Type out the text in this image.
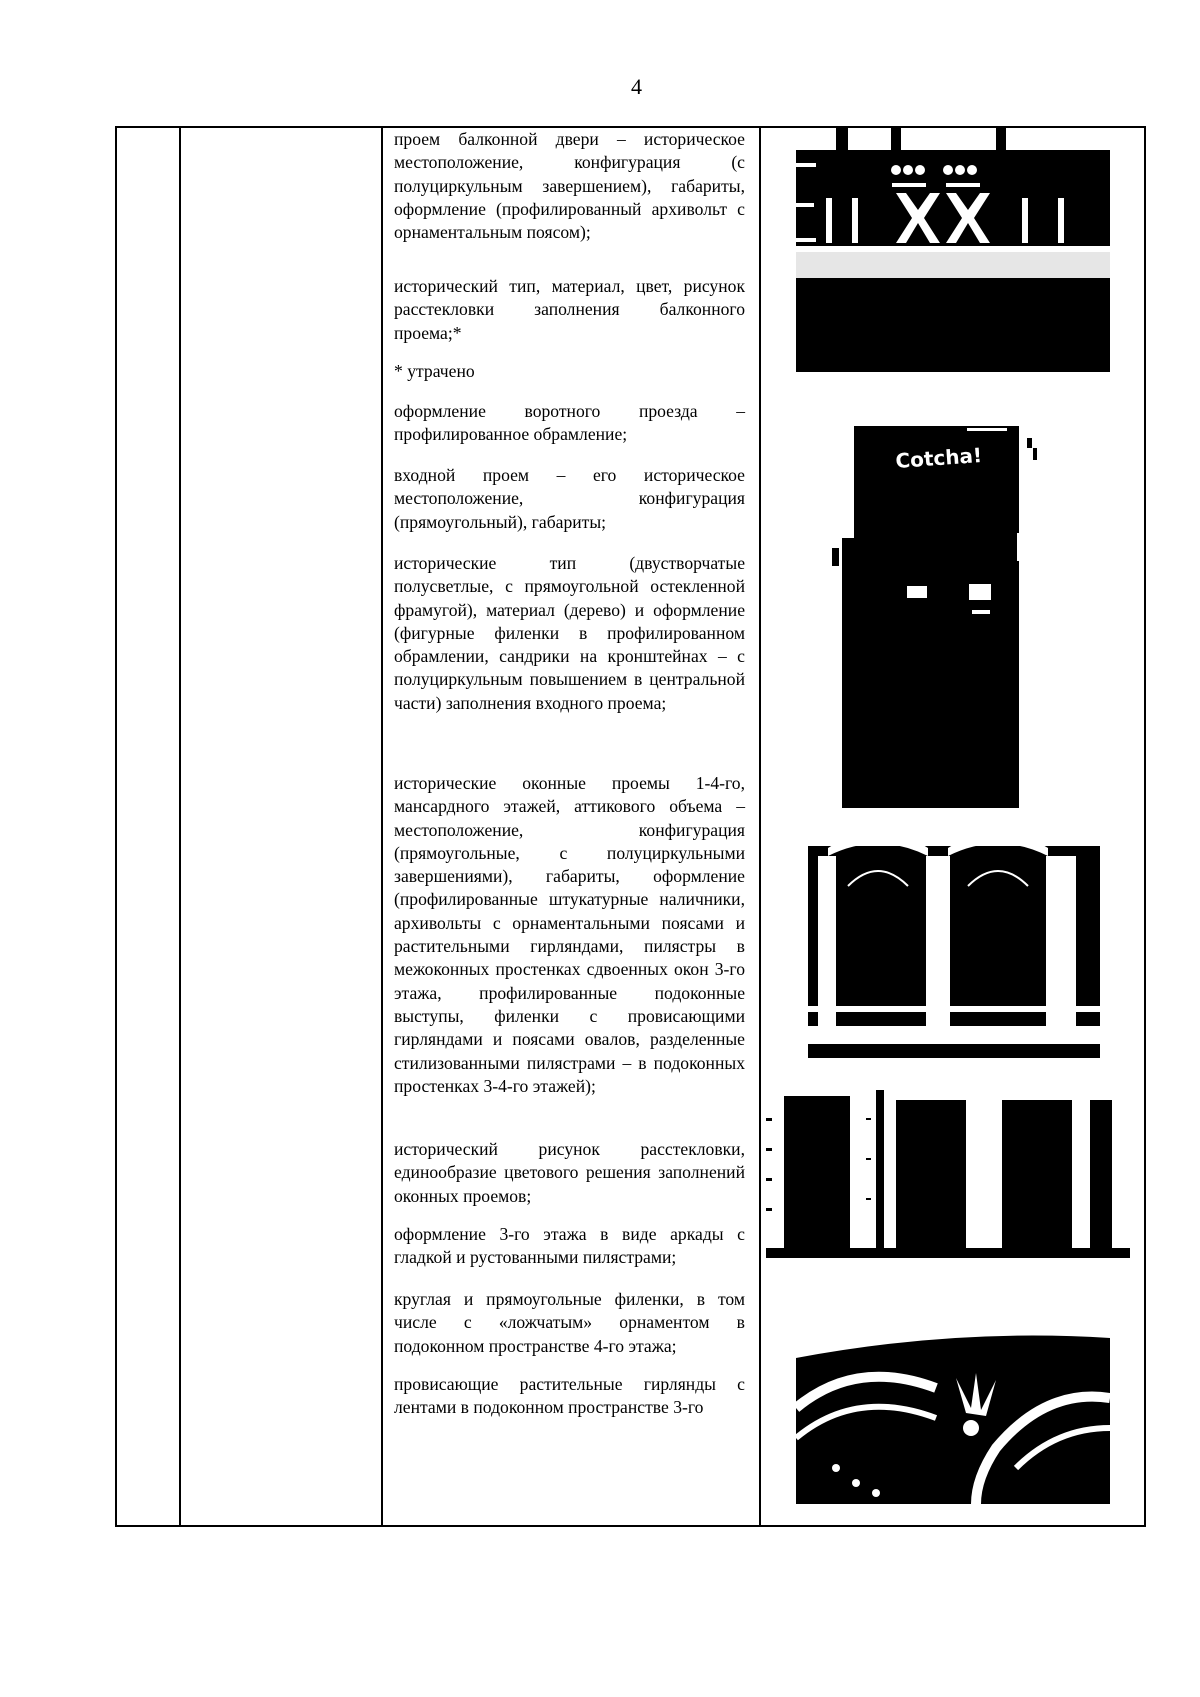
4
проем балконной двери – историческое местоположение, конфигурация (с полуциркульным завершением), габариты, оформление (профилированный архивольт с орнаментальным поясом);
исторический тип, материал, цвет, рисунок расстекловки заполнения балконного проема;*
* утрачено
оформление воротного проезда – профилированное обрамление;
входной проем – его историческое местоположение, конфигурация (прямоугольный), габариты;
исторические тип (двустворчатые полусветлые, с прямоугольной остекленной фрамугой), материал (дерево) и оформление (фигурные филенки в профилированном обрамлении, сандрики на кронштейнах – с полуциркульным повышением в центральной части) заполнения входного проема;
исторические оконные проемы 1-4-го, мансардного этажей, аттикового объема – местоположение, конфигурация (прямоугольные, с полуциркульными завершениями), габариты, оформление (профилированные штукатурные наличники, архивольты с орнаментальными поясами и растительными гирляндами, пилястры в межоконных простенках сдвоенных окон 3-го этажа, профилированные подоконные выступы, филенки с провисающими гирляндами и поясами овалов, разделенные стилизованными пилястрами – в подоконных простенках 3-4-го этажей);
исторический рисунок расстекловки, единообразие цветового решения заполнений оконных проемов;
оформление 3-го этажа в виде аркады с гладкой и рустованными пилястрами;
круглая и прямоугольные филенки, в том числе с «ложчатым» орнаментом в подоконном пространстве 4-го этажа;
провисающие растительные гирлянды с лентами в подоконном пространстве 3-го
Cotcha!
